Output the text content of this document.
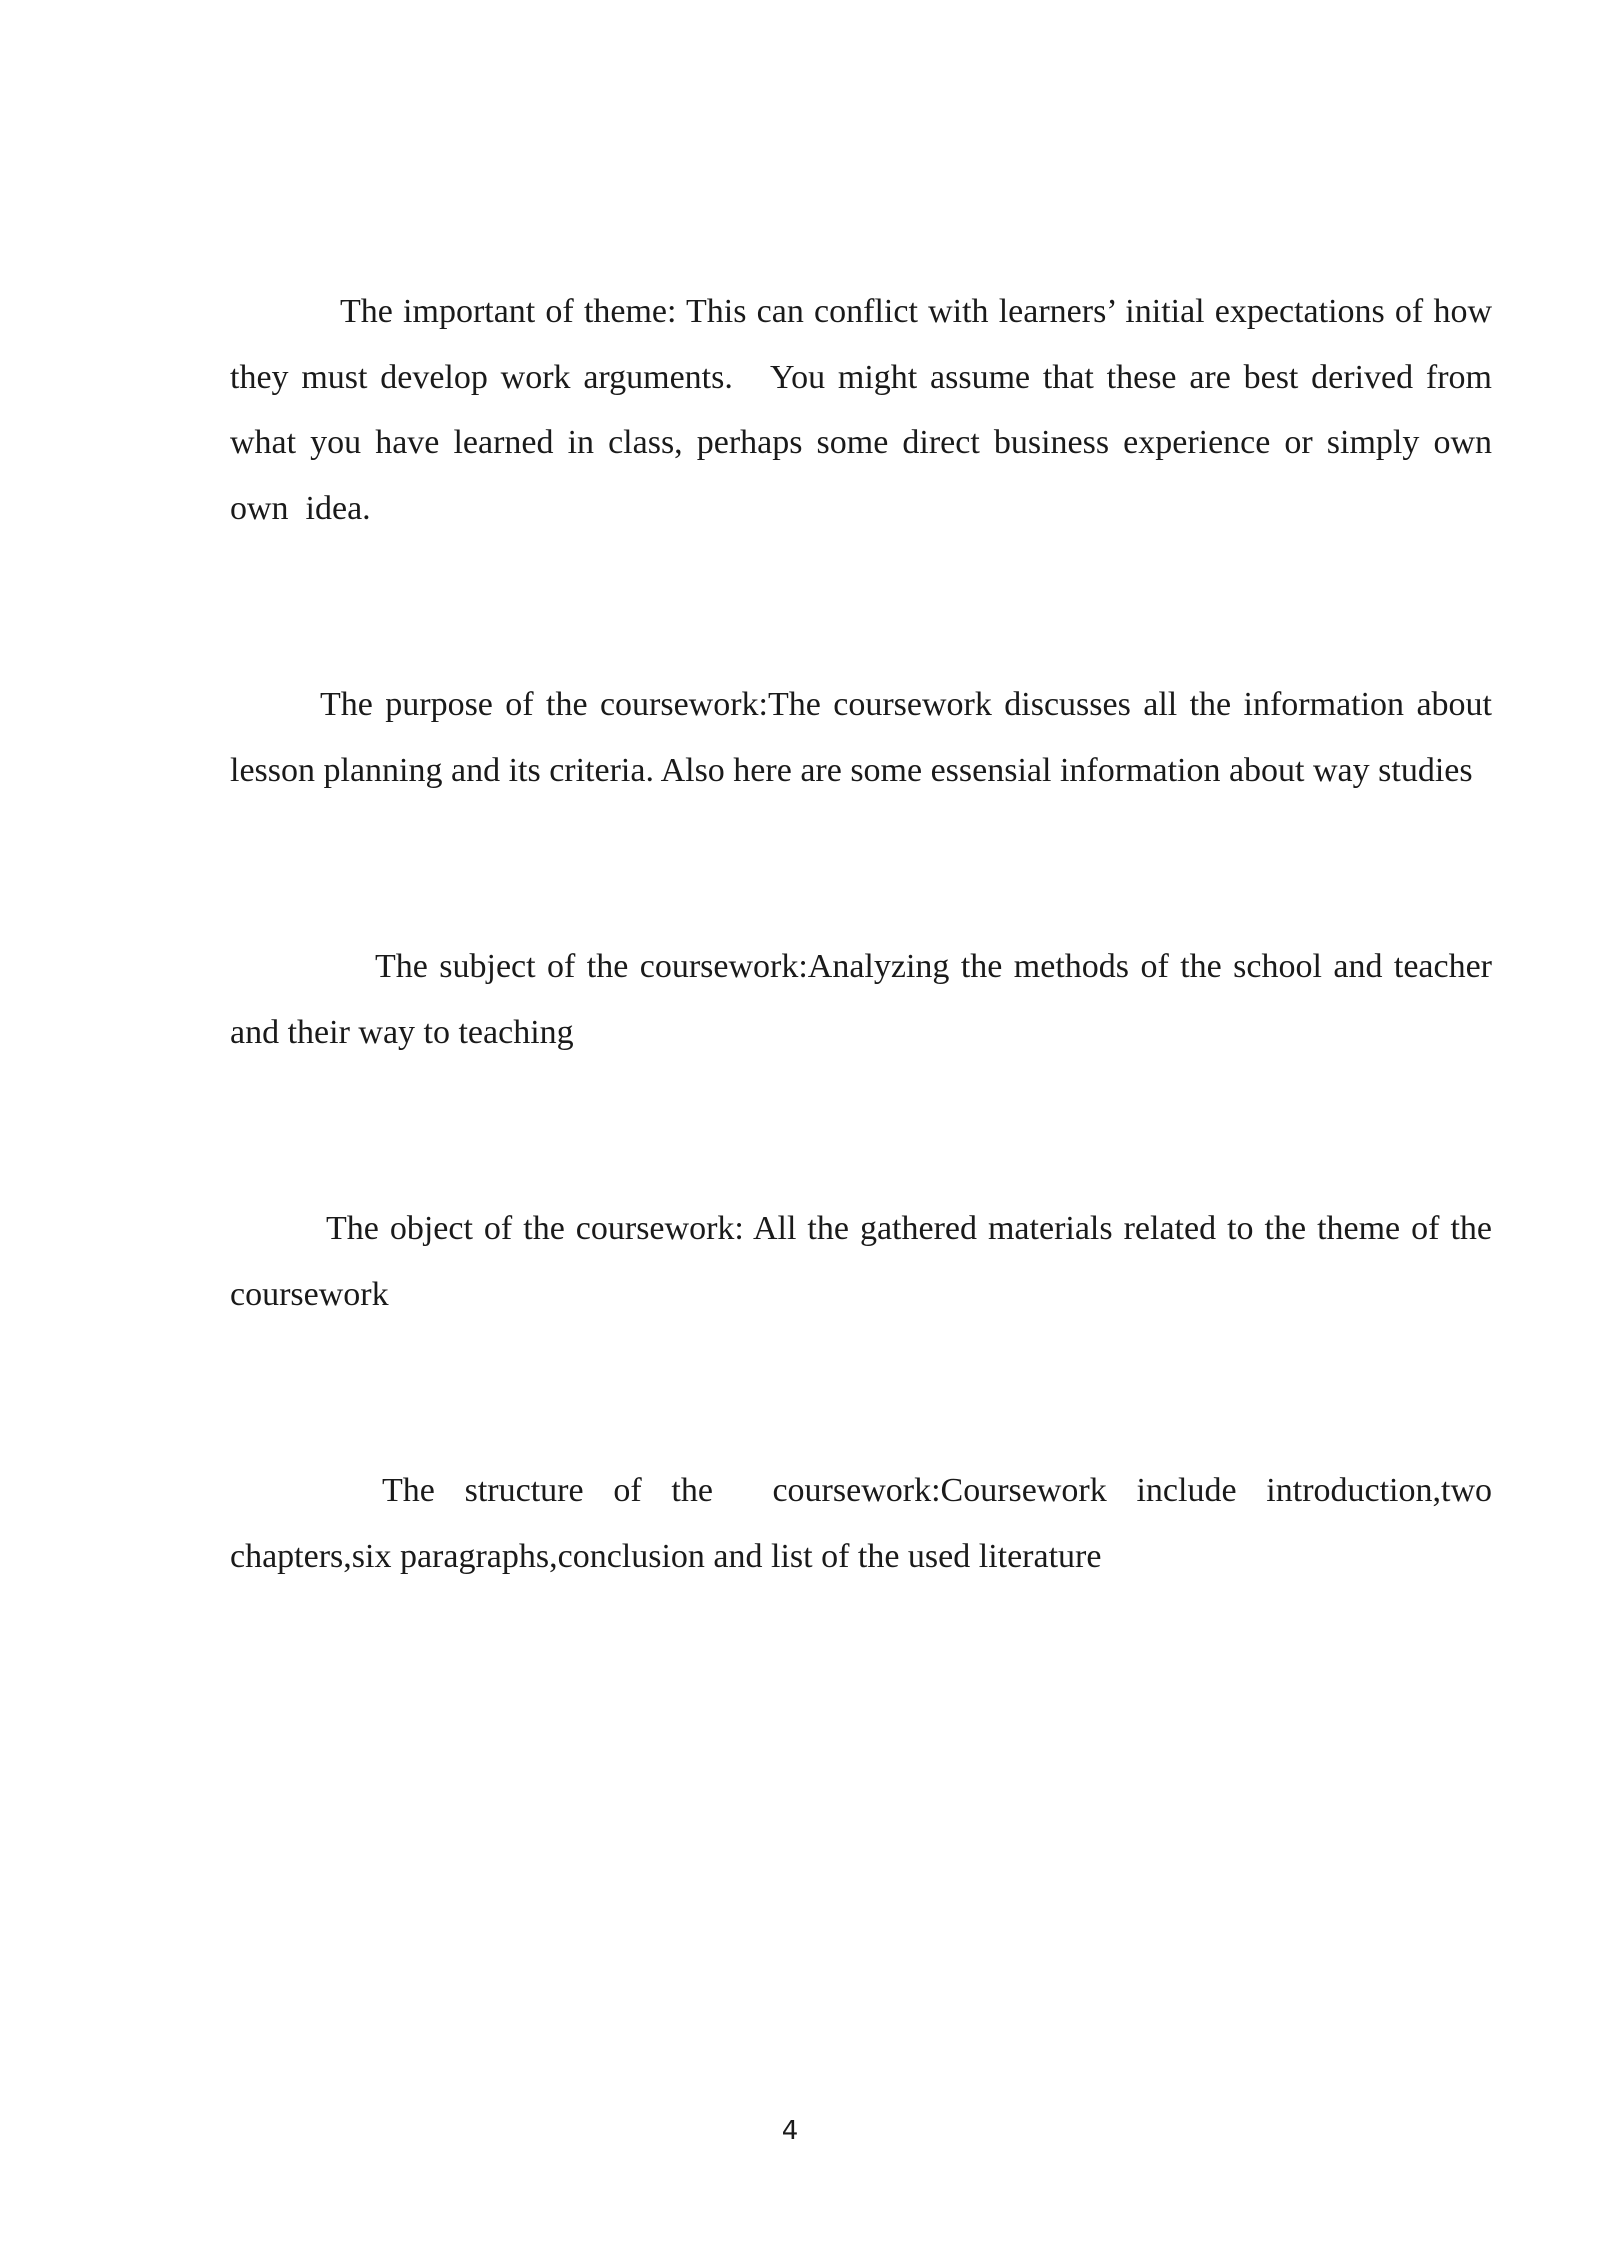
The important of theme: This can conflict with learners’ initial expectations of how they must develop work arguments.   You might assume that these are best derived from what you have learned in class, perhaps some direct business experience or simply own   own  idea.

The purpose of the coursework:The coursework discusses all the information about lesson planning and its criteria. Also here are some essensial information about way studies

The subject of the coursework:Analyzing the methods of the school and teacher and their way to teaching

The object of the coursework: All the gathered materials related to the theme of the  coursework

The structure of the  coursework:Coursework include introduction,two chapters,six paragraphs,conclusion and list of the used literature

4
